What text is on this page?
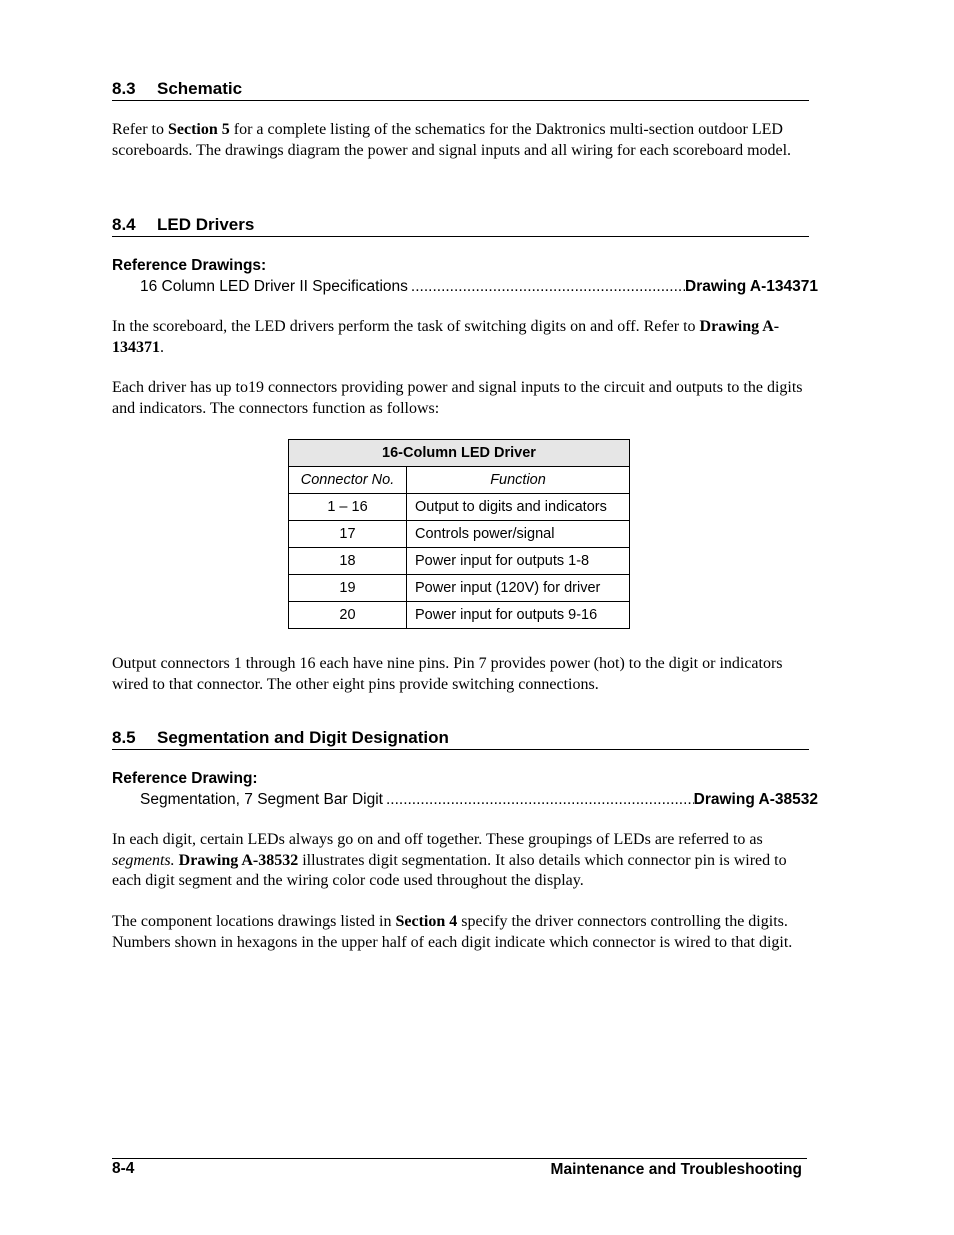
8.3 Schematic

Refer to Section 5 for a complete listing of the schematics for the Daktronics multi-section outdoor LED scoreboards. The drawings diagram the power and signal inputs and all wiring for each scoreboard model.

8.4 LED Drivers
Reference Drawings:
16 Column LED Driver II Specifications .....	Drawing A-134371

In the scoreboard, the LED drivers perform the task of switching digits on and off. Refer to Drawing A-134371.

Each driver has up to19 connectors providing power and signal inputs to the circuit and outputs to the digits and indicators. The connectors function as follows:

16-Column LED Driver	
Connector No.	Function
1 – 16	Output to digits and indicators
17	Controls power/signal
18	Power input for outputs 1-8
19	Power input (120V) for driver
20	Power input for outputs 9-16

Output connectors 1 through 16 each have nine pins. Pin 7 provides power (hot) to the digit or indicators wired to that connector. The other eight pins provide switching connections.

8.5 Segmentation and Digit Designation
Reference Drawing:
Segmentation, 7 Segment Bar Digit .....	Drawing A-38532

In each digit, certain LEDs always go on and off together. These groupings of LEDs are referred to as segments. Drawing A-38532 illustrates digit segmentation. It also details which connector pin is wired to each digit segment and the wiring color code used throughout the display.

The component locations drawings listed in Section 4 specify the driver connectors controlling the digits. Numbers shown in hexagons in the upper half of each digit indicate which connector is wired to that digit.

8-4	Maintenance and Troubleshooting
